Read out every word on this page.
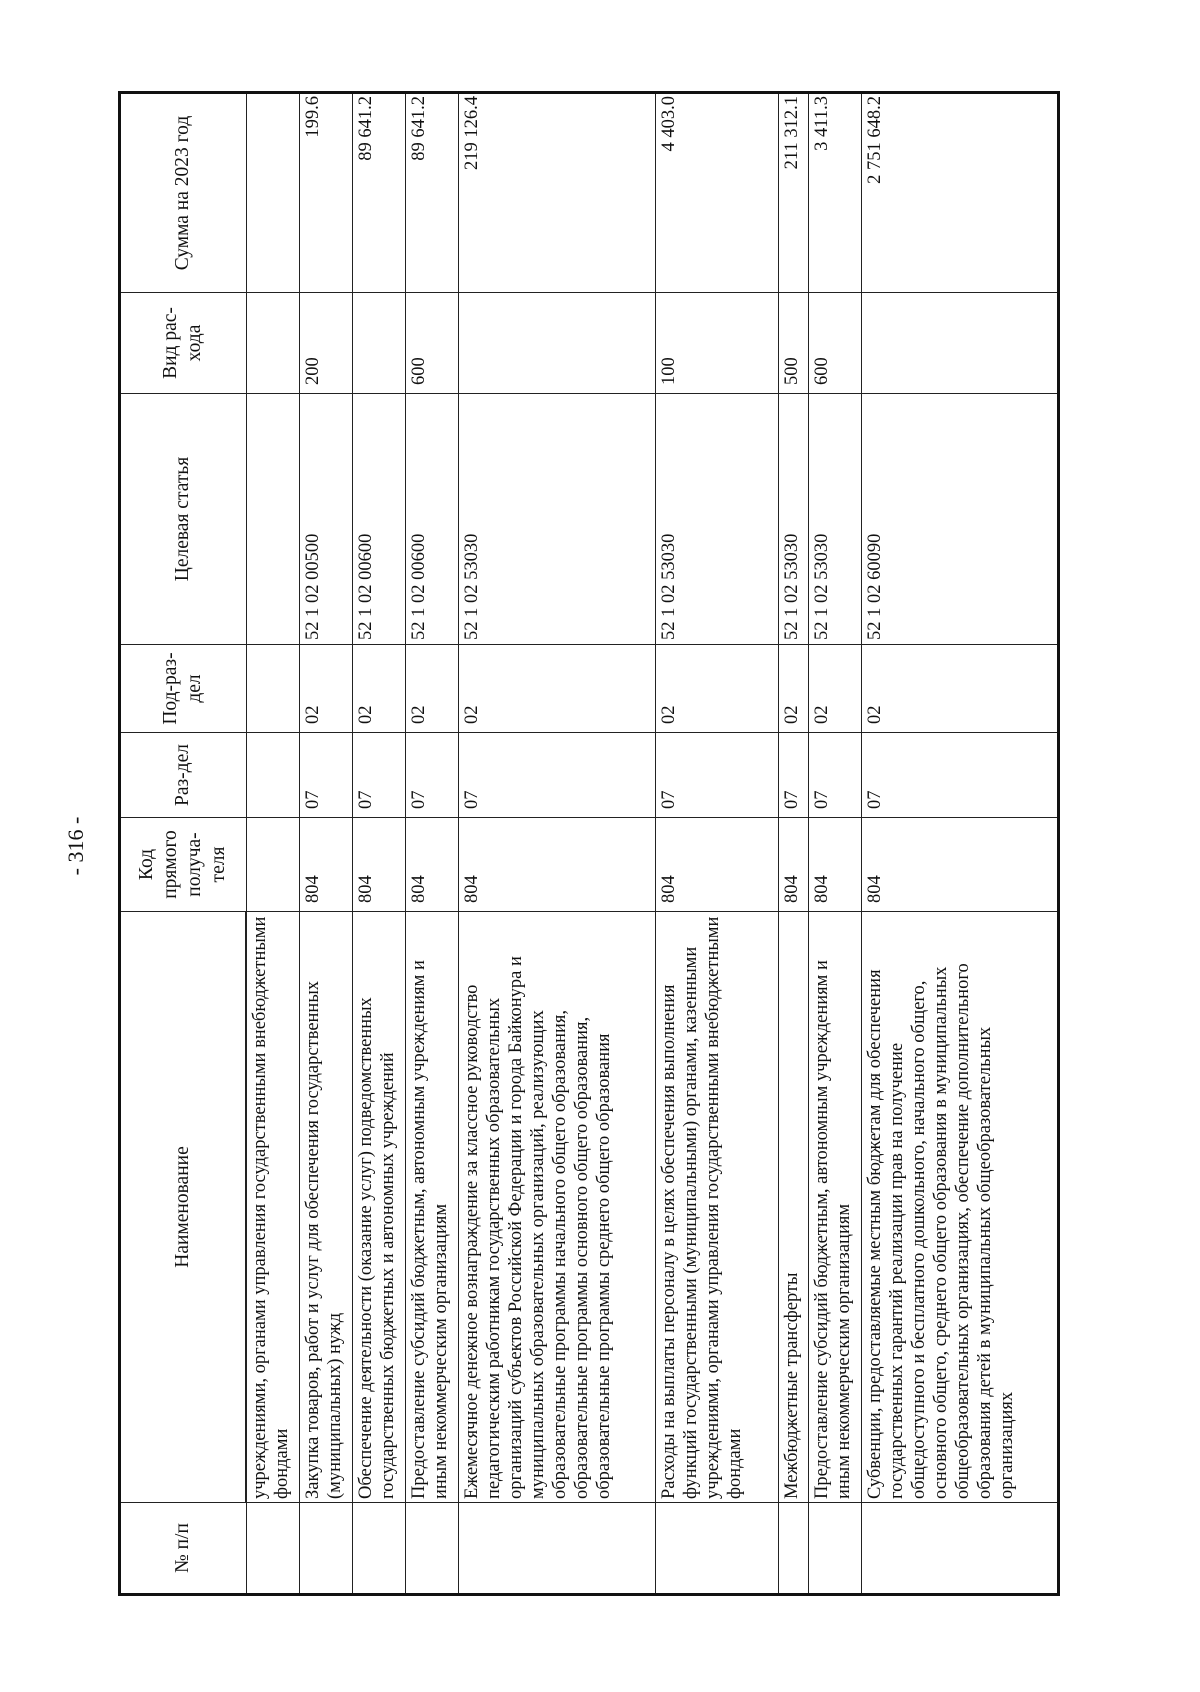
- 316 -
№ п/п	Наименование	Код прямого получа-теля	Раз-дел	Под-раз-дел	Целевая статья	Вид рас-хода	Сумма на 2023 год
	учреждениями, органами управления государственными внебюджетными фондами						
	Закупка товаров, работ и услуг для обеспечения государственных (муниципальных) нужд	804	07	02	52 1 02 00500	200	199.6
	Обеспечение деятельности (оказание услуг) подведомственных государственных бюджетных и автономных учреждений	804	07	02	52 1 02 00600		89 641.2
	Предоставление субсидий бюджетным, автономным учреждениям и иным некоммерческим организациям	804	07	02	52 1 02 00600	600	89 641.2
	Ежемесячное денежное вознаграждение за классное руководство педагогическим работникам государственных образовательных организаций субъектов Российской Федерации и города Байконура и муниципальных образовательных организаций, реализующих образовательные программы начального общего образования, образовательные программы основного общего образования, образовательные программы среднего общего образования	804	07	02	52 1 02 53030		219 126.4
	Расходы на выплаты персоналу в целях обеспечения выполнения функций государственными (муниципальными) органами, казенными учреждениями, органами управления государственными внебюджетными фондами	804	07	02	52 1 02 53030	100	4 403.0
	Межбюджетные трансферты	804	07	02	52 1 02 53030	500	211 312.1
	Предоставление субсидий бюджетным, автономным учреждениям и иным некоммерческим организациям	804	07	02	52 1 02 53030	600	3 411.3
	Субвенции, предоставляемые местным бюджетам для обеспечения государственных гарантий реализации прав на получение общедоступного и бесплатного дошкольного, начального общего, основного общего, среднего общего образования в муниципальных общеобразовательных организациях, обеспечение дополнительного образования детей в муниципальных общеобразовательных организациях	804	07	02	52 1 02 60090		2 751 648.2
